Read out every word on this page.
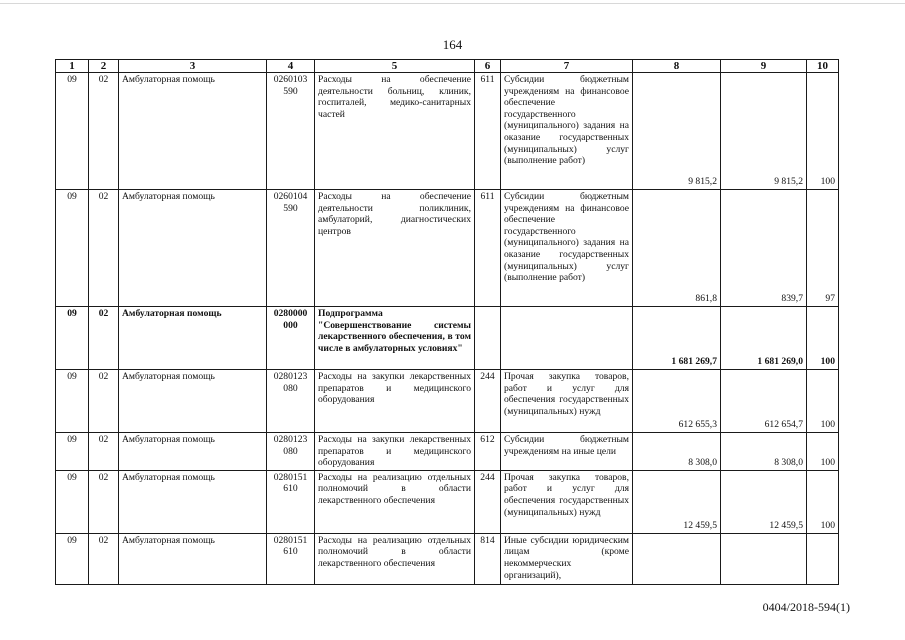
164
1	2	3	4	5	6	7	8	9	10
09	02	Амбулаторная помощь	0260103 590	Расходы на обеспечение деятельности больниц, клиник, госпиталей, медико-санитарных частей	611	Субсидии бюджетным учреждениям на финансовое обеспечение государственного (муниципального) задания на оказание государственных (муниципальных) услуг (выполнение работ)	9 815,2	9 815,2	100
09	02	Амбулаторная помощь	0260104 590	Расходы на обеспечение деятельности поликлиник, амбулаторий, диагностических центров	611	Субсидии бюджетным учреждениям на финансовое обеспечение государственного (муниципального) задания на оказание государственных (муниципальных) услуг (выполнение работ)	861,8	839,7	97
09	02	Амбулаторная помощь	0280000 000	Подпрограмма "Совершенствование системы лекарственного обеспечения, в том числе в амбулаторных условиях"			1 681 269,7	1 681 269,0	100
09	02	Амбулаторная помощь	0280123 080	Расходы на закупки лекарственных препаратов и медицинского оборудования	244	Прочая закупка товаров, работ и услуг для обеспечения государственных (муниципальных) нужд	612 655,3	612 654,7	100
09	02	Амбулаторная помощь	0280123 080	Расходы на закупки лекарственных препаратов и медицинского оборудования	612	Субсидии бюджетным учреждениям на иные цели	8 308,0	8 308,0	100
09	02	Амбулаторная помощь	0280151 610	Расходы на реализацию отдельных полномочий в области лекарственного обеспечения	244	Прочая закупка товаров, работ и услуг для обеспечения государственных (муниципальных) нужд	12 459,5	12 459,5	100
09	02	Амбулаторная помощь	0280151 610	Расходы на реализацию отдельных полномочий в области лекарственного обеспечения	814	Иные субсидии юридическим лицам (кроме некоммерческих организаций),			
0404/2018-594(1)
